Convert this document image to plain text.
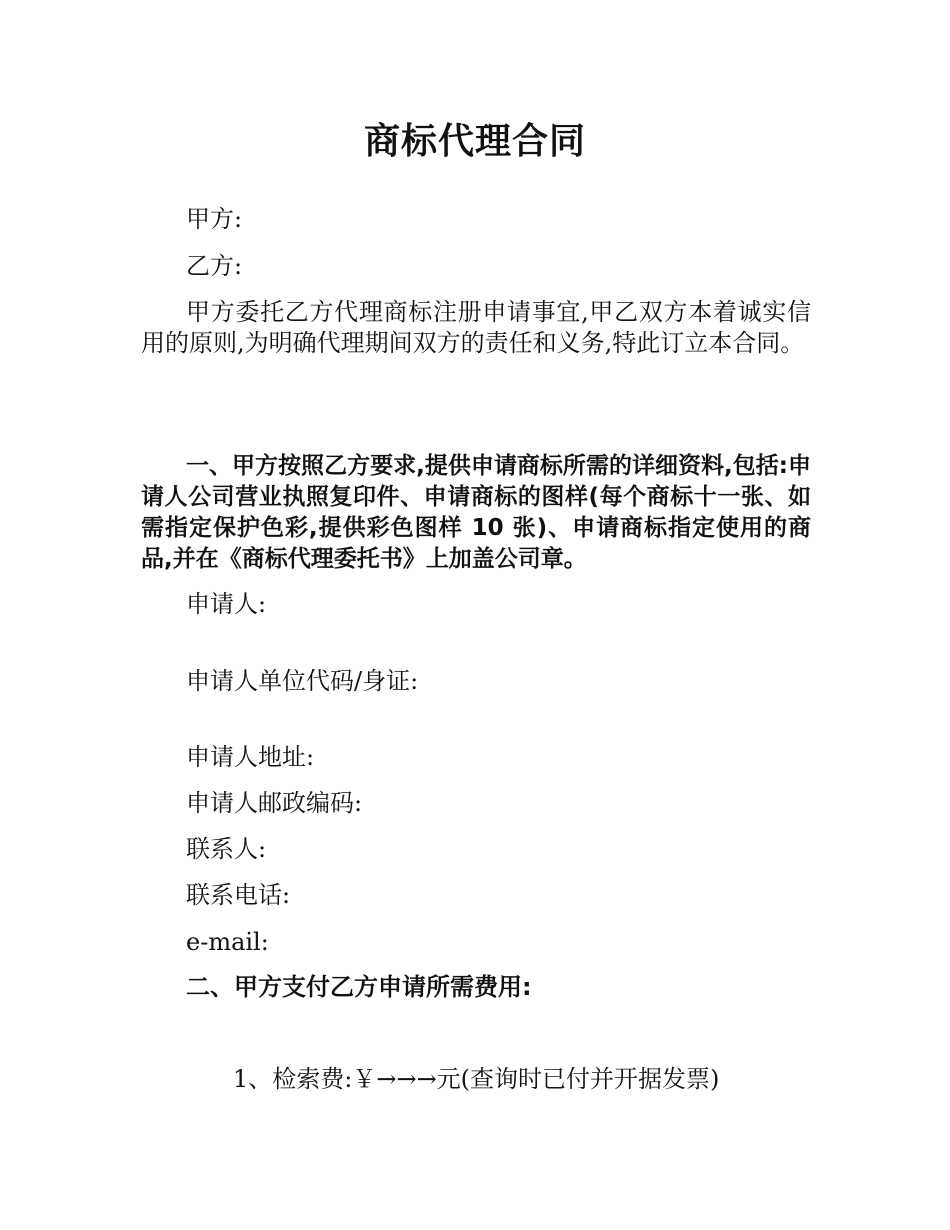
商标代理合同
甲方:
乙方:
甲方委托乙方代理商标注册申请事宜,甲乙双方本着诚实信用的原则,为明确代理期间双方的责任和义务,特此订立本合同。
一、甲方按照乙方要求,提供申请商标所需的详细资料,包括:申请人公司营业执照复印件、申请商标的图样(每个商标十一张、如需指定保护色彩,提供彩色图样 10 张)、申请商标指定使用的商品,并在《商标代理委托书》上加盖公司章。
申请人:
申请人单位代码/身证:
申请人地址:
申请人邮政编码:
联系人:
联系电话:
e-mail:
二、甲方支付乙方申请所需费用:
1、检索费:￥→→→元(查询时已付并开据发票)
